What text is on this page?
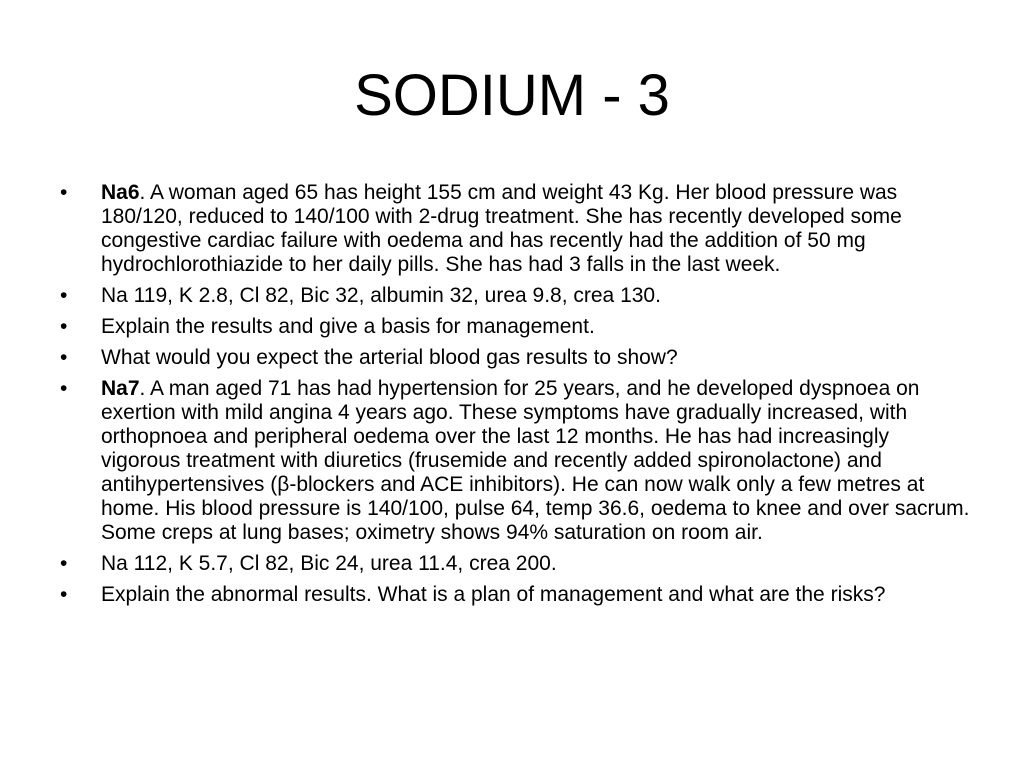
SODIUM - 3
• Na6. A woman aged 65 has height 155 cm and weight 43 Kg. Her blood pressure was 180/120, reduced to 140/100 with 2-drug treatment. She has recently developed some congestive cardiac failure with oedema and has recently had the addition of 50 mg hydrochlorothiazide to her daily pills. She has had 3 falls in the last week.
• Na 119, K 2.8, Cl 82, Bic 32, albumin 32, urea 9.8, crea 130.
• Explain the results and give a basis for management.
• What would you expect the arterial blood gas results to show?
• Na7. A man aged 71 has had hypertension for 25 years, and he developed dyspnoea on exertion with mild angina 4 years ago. These symptoms have gradually increased, with orthopnoea and peripheral oedema over the last 12 months. He has had increasingly vigorous treatment with diuretics (frusemide and recently added spironolactone) and antihypertensives (β-blockers and ACE inhibitors). He can now walk only a few metres at home. His blood pressure is 140/100, pulse 64, temp 36.6, oedema to knee and over sacrum. Some creps at lung bases; oximetry shows 94% saturation on room air.
• Na 112, K 5.7, Cl 82, Bic 24, urea 11.4, crea 200.
• Explain the abnormal results. What is a plan of management and what are the risks?
